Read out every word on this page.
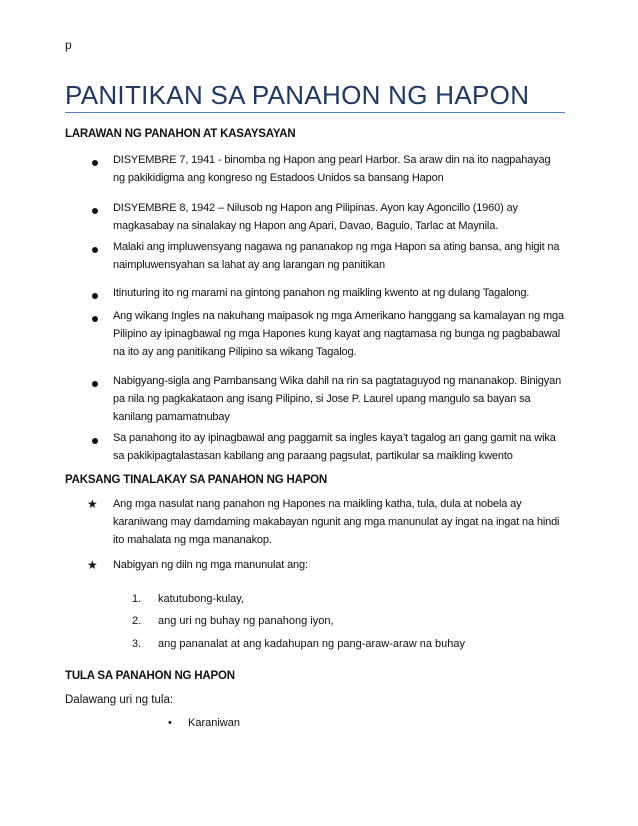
p
PANITIKAN SA PANAHON NG HAPON
LARAWAN NG PANAHON AT KASAYSAYAN
DISYEMBRE 7, 1941 - binomba ng Hapon ang pearl Harbor. Sa araw din na ito nagpahayag ng pakikidigma ang kongreso ng Estadoos Unidos sa bansang Hapon
DISYEMBRE 8, 1942 – Nilusob ng Hapon ang Pilipinas. Ayon kay Agoncillo (1960) ay magkasabay na sinalakay ng Hapon ang Apari, Davao, Baguio, Tarlac at Maynila.
Malaki ang impluwensyang nagawa ng pananakop ng mga Hapon sa ating bansa, ang higit na naimpluwensyahan sa lahat ay ang larangan ng panitikan
Itinuturing ito ng marami na gintong panahon ng maikling kwento at ng dulang Tagalong.
Ang wikang Ingles na nakuhang maipasok ng mga Amerikano hanggang sa kamalayan ng mga Pilipino ay ipinagbawal ng mga Hapones kung kayat ang nagtamasa ng bunga ng pagbabawal na ito ay ang panitikang Pilipino sa wikang Tagalog.
Nabigyang-sigla ang Pambansang Wika dahil na rin sa pagtataguyod ng mananakop. Binigyan pa nila ng pagkakataon ang isang Pilipino, si Jose P. Laurel upang mangulo sa bayan sa kanilang pamamatnubay
Sa panahong ito ay ipinagbawal ang paggamit sa ingles kaya’t tagalog an gang gamit na wika sa pakikipagtalastasan kabilang ang paraang pagsulat, partikular sa maikling kwento
PAKSANG TINALAKAY SA PANAHON NG HAPON
★ Ang mga nasulat nang panahon ng Hapones na maikling katha, tula, dula at nobela ay karaniwang may damdaming makabayan ngunit ang mga manunulat ay ingat na ingat na hindi ito mahalata ng mga mananakop.
★ Nabigyan ng diin ng mga manunulat ang:
1. katutubong-kulay,
2. ang uri ng buhay ng panahong iyon,
3. ang pananalat at ang kadahupan ng pang-araw-araw na buhay
TULA SA PANAHON NG HAPON
Dalawang uri ng tula:
• Karaniwan
